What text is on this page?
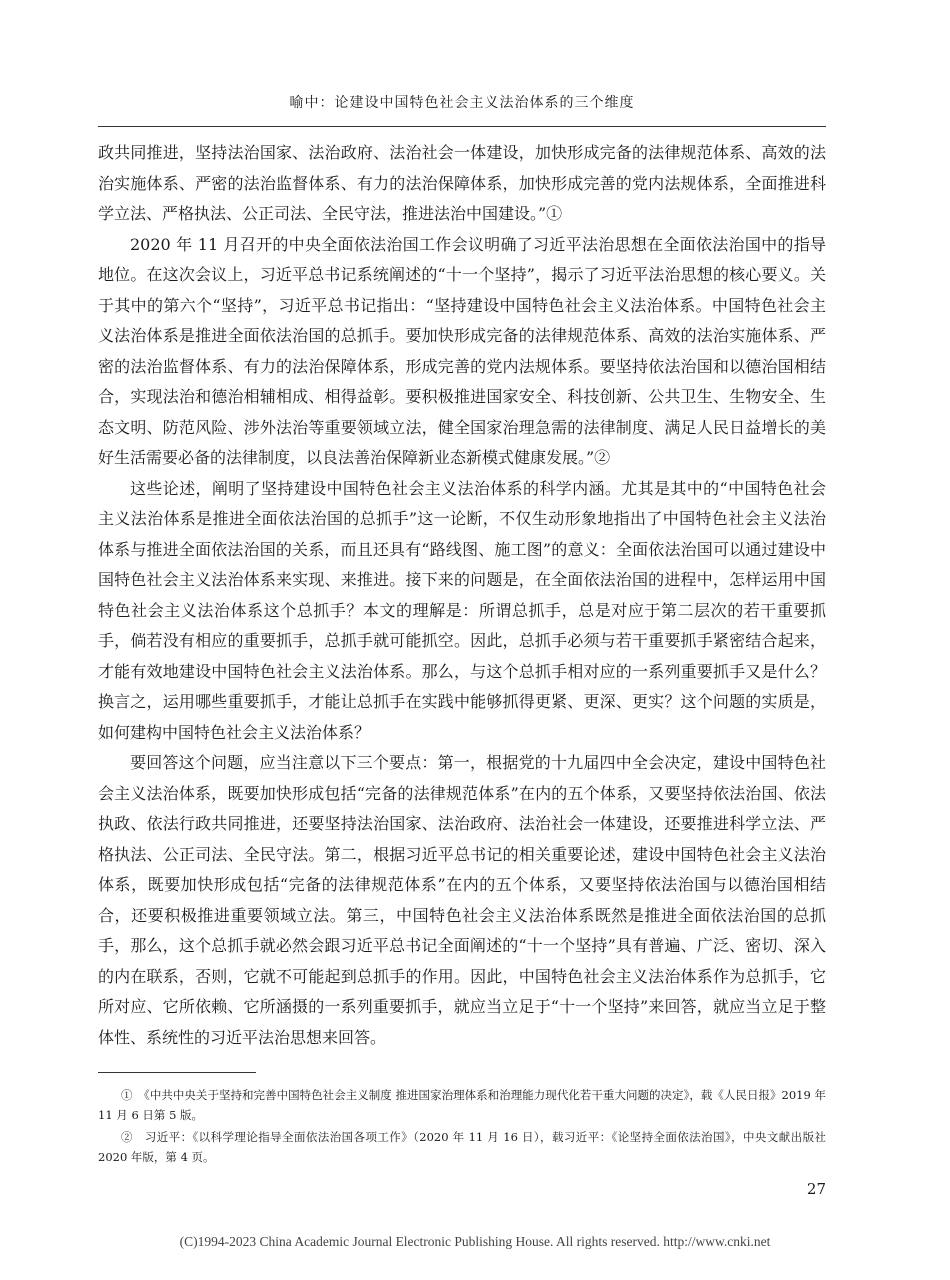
喻中：论建设中国特色社会主义法治体系的三个维度

政共同推进，坚持法治国家、法治政府、法治社会一体建设，加快形成完备的法律规范体系、高效的法治实施体系、严密的法治监督体系、有力的法治保障体系，加快形成完善的党内法规体系，全面推进科学立法、严格执法、公正司法、全民守法，推进法治中国建设。”①

2020 年 11 月召开的中央全面依法治国工作会议明确了习近平法治思想在全面依法治国中的指导地位。在这次会议上，习近平总书记系统阐述的“十一个坚持”，揭示了习近平法治思想的核心要义。关于其中的第六个“坚持”，习近平总书记指出：“坚持建设中国特色社会主义法治体系。中国特色社会主义法治体系是推进全面依法治国的总抓手。要加快形成完备的法律规范体系、高效的法治实施体系、严密的法治监督体系、有力的法治保障体系，形成完善的党内法规体系。要坚持依法治国和以德治国相结合，实现法治和德治相辅相成、相得益彰。要积极推进国家安全、科技创新、公共卫生、生物安全、生态文明、防范风险、涉外法治等重要领域立法，健全国家治理急需的法律制度、满足人民日益增长的美好生活需要必备的法律制度，以良法善治保障新业态新模式健康发展。”②

这些论述，阐明了坚持建设中国特色社会主义法治体系的科学内涵。尤其是其中的“中国特色社会主义法治体系是推进全面依法治国的总抓手”这一论断，不仅生动形象地指出了中国特色社会主义法治体系与推进全面依法治国的关系，而且还具有“路线图、施工图”的意义：全面依法治国可以通过建设中国特色社会主义法治体系来实现、来推进。接下来的问题是，在全面依法治国的进程中，怎样运用中国特色社会主义法治体系这个总抓手？本文的理解是：所谓总抓手，总是对应于第二层次的若干重要抓手，倘若没有相应的重要抓手，总抓手就可能抓空。因此，总抓手必须与若干重要抓手紧密结合起来，才能有效地建设中国特色社会主义法治体系。那么，与这个总抓手相对应的一系列重要抓手又是什么？换言之，运用哪些重要抓手，才能让总抓手在实践中能够抓得更紧、更深、更实？这个问题的实质是，如何建构中国特色社会主义法治体系？

要回答这个问题，应当注意以下三个要点：第一，根据党的十九届四中全会决定，建设中国特色社会主义法治体系，既要加快形成包括“完备的法律规范体系”在内的五个体系，又要坚持依法治国、依法执政、依法行政共同推进，还要坚持法治国家、法治政府、法治社会一体建设，还要推进科学立法、严格执法、公正司法、全民守法。第二，根据习近平总书记的相关重要论述，建设中国特色社会主义法治体系，既要加快形成包括“完备的法律规范体系”在内的五个体系，又要坚持依法治国与以德治国相结合，还要积极推进重要领域立法。第三，中国特色社会主义法治体系既然是推进全面依法治国的总抓手，那么，这个总抓手就必然会跟习近平总书记全面阐述的“十一个坚持”具有普遍、广泛、密切、深入的内在联系，否则，它就不可能起到总抓手的作用。因此，中国特色社会主义法治体系作为总抓手，它所对应、它所依赖、它所涵摄的一系列重要抓手，就应当立足于“十一个坚持”来回答，就应当立足于整体性、系统性的习近平法治思想来回答。

①　《中共中央关于坚持和完善中国特色社会主义制度 推进国家治理体系和治理能力现代化若干重大问题的决定》，载《人民日报》2019 年 11 月 6 日第 5 版。

②　习近平：《以科学理论指导全面依法治国各项工作》（2020 年 11 月 16 日），载习近平：《论坚持全面依法治国》，中央文献出版社 2020 年版，第 4 页。

27
(C)1994-2023 China Academic Journal Electronic Publishing House. All rights reserved. http://www.cnki.net
